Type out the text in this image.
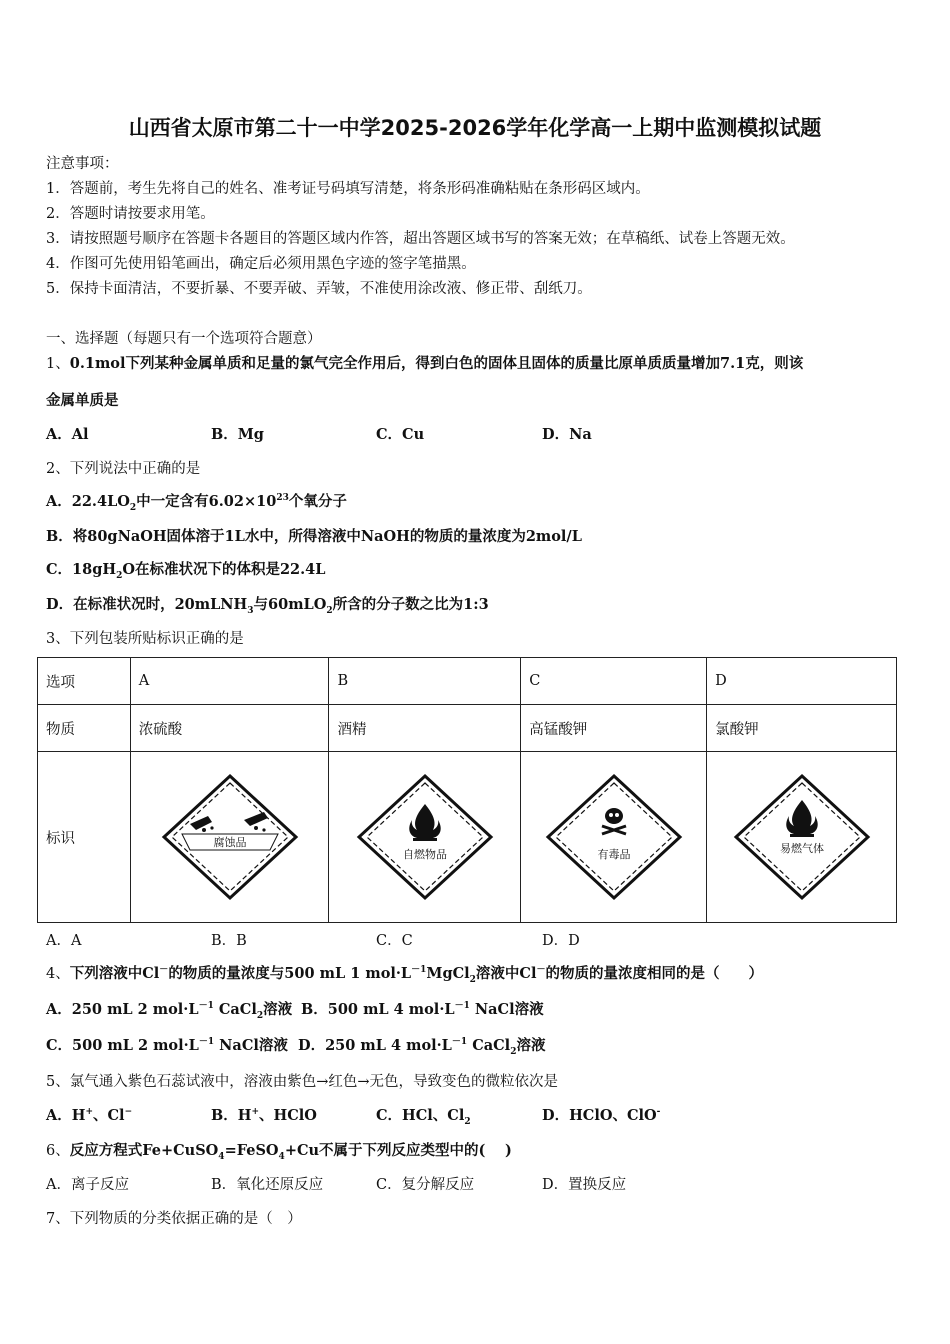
山西省太原市第二十一中学2025-2026学年化学高一上期中监测模拟试题
注意事项：
1．答题前，考生先将自己的姓名、准考证号码填写清楚，将条形码准确粘贴在条形码区域内。
2．答题时请按要求用笔。
3．请按照题号顺序在答题卡各题目的答题区域内作答，超出答题区域书写的答案无效；在草稿纸、试卷上答题无效。
4．作图可先使用铅笔画出，确定后必须用黑色字迹的签字笔描黑。
5．保持卡面清洁，不要折暴、不要弄破、弄皱，不准使用涂改液、修正带、刮纸刀。
一、选择题（每题只有一个选项符合题意）
1、0.1mol下列某种金属单质和足量的氯气完全作用后，得到白色的固体且固体的质量比原单质质量增加7.1克，则该
金属单质是
A．Al	B．Mg	C．Cu	D．Na
2、下列说法中正确的是
A．$22.4LO_2$中一定含有$6.02\times 10^{23}$个氧分子
B．将80gNaOH固体溶于1L水中，所得溶液中NaOH的物质的量浓度为2mol/L
C．$18gH_2O$在标准状况下的体积是22.4L
D．在标准状况时，20mLNH$_3$与60mLO$_2$所含的分子数之比为1:3
3、下列包装所贴标识正确的是
选项	A	B	C	D
物质	浓硫酸	酒精	高锰酸钾	氯酸钾
标识	腐蚀品	自燃物品	有毒品	易燃气体
A．A	B．B	C．C	D．D
4、下列溶液中Cl－的物质的量浓度与500 mL 1 $mol\cdot L^{-1}MgCl_2$溶液中Cl－的物质的量浓度相同的是（　　）
A．250 mL 2 $mol\cdot L^{-1}$ CaCl$_2$溶液 B．500 mL 4 $mol\cdot L^{-1}$ NaCl溶液
C．500 mL 2 $mol\cdot L^{-1}$ NaCl溶液 D．250 mL 4 $mol\cdot L^{-1}$ CaCl$_2$溶液
5、氯气通入紫色石蕊试液中，溶液由紫色→红色→无色，导致变色的微粒依次是
A．H+、Cl−	B．H+、HClO	C．HCl、$Cl_2$	D．HClO、ClO-
6、反应方程式Fe+CuSO$_4$=FeSO$_4$+Cu不属于下列反应类型中的(　 )
A．离子反应	B．氧化还原反应	C．复分解反应	D．置换反应
7、下列物质的分类依据正确的是（　）
